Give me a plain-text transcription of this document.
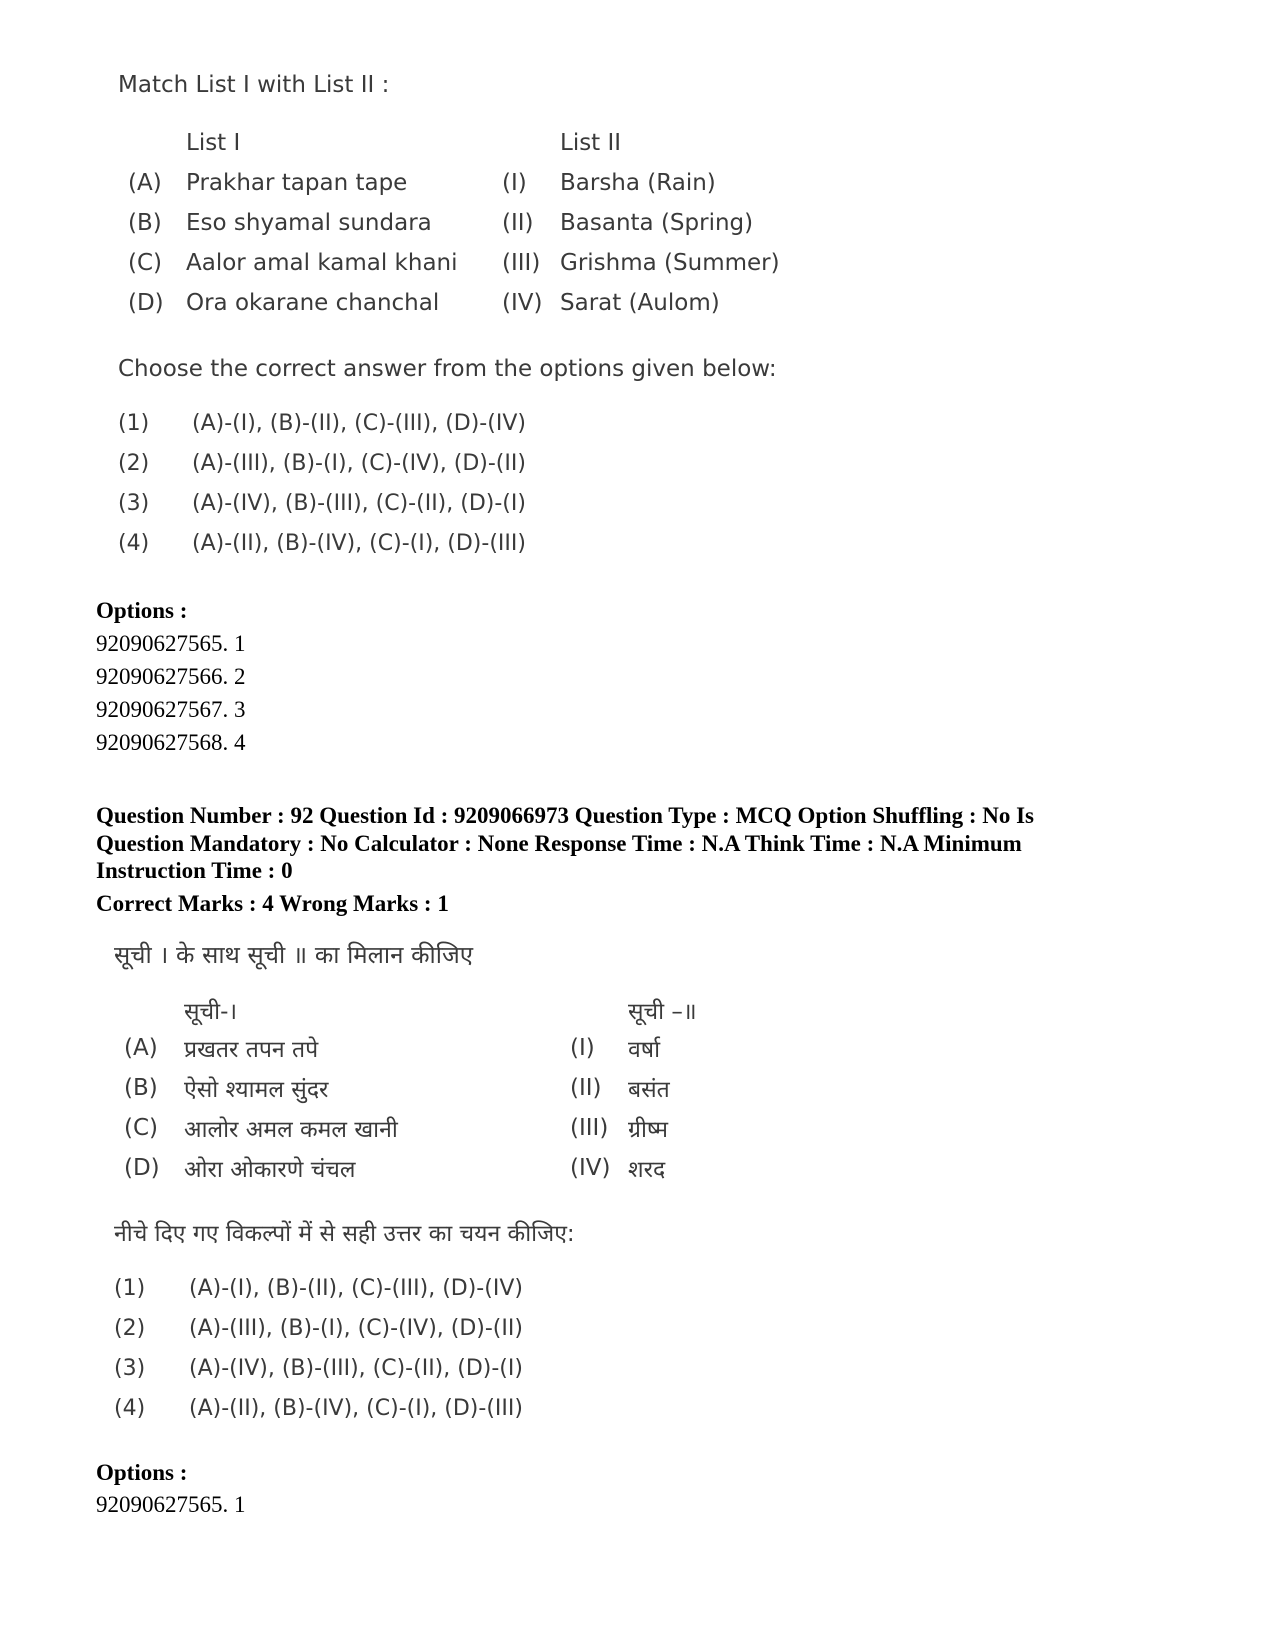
Match List I with List II :
List I	List II
(A) Prakhar tapan tape	(I) Barsha (Rain)
(B) Eso shyamal sundara	(II) Basanta (Spring)
(C) Aalor amal kamal khani (III) Grishma (Summer)
(D) Ora okarane chanchal	(IV) Sarat (Aulom)
Choose the correct answer from the options given below:
(1) (A)-(I), (B)-(II), (C)-(III), (D)-(IV)
(2) (A)-(III), (B)-(I), (C)-(IV), (D)-(II)
(3) (A)-(IV), (B)-(III), (C)-(II), (D)-(I)
(4) (A)-(II), (B)-(IV), (C)-(I), (D)-(III)
Options :
92090627565. 1
92090627566. 2
92090627567. 3
92090627568. 4
Question Number : 92 Question Id : 9209066973 Question Type : MCQ Option Shuffling : No Is
Question Mandatory : No Calculator : None Response Time : N.A Think Time : N.A Minimum
Instruction Time : 0
Correct Marks : 4 Wrong Marks : 1
सूची । के साथ सूची ॥ का मिलान कीजिए
सूची-।	सूची –॥
(A) प्रखतर तपन तपे	(I) वर्षा
(B) ऐसो श्यामल सुंदर	(II) बसंत
(C) आलोर अमल कमल खानी	(III) ग्रीष्म
(D) ओरा ओकारणे चंचल	(IV) शरद
नीचे दिए गए विकल्पों में से सही उत्तर का चयन कीजिए:
(1) (A)-(I), (B)-(II), (C)-(III), (D)-(IV)
(2) (A)-(III), (B)-(I), (C)-(IV), (D)-(II)
(3) (A)-(IV), (B)-(III), (C)-(II), (D)-(I)
(4) (A)-(II), (B)-(IV), (C)-(I), (D)-(III)
Options :
92090627565. 1
